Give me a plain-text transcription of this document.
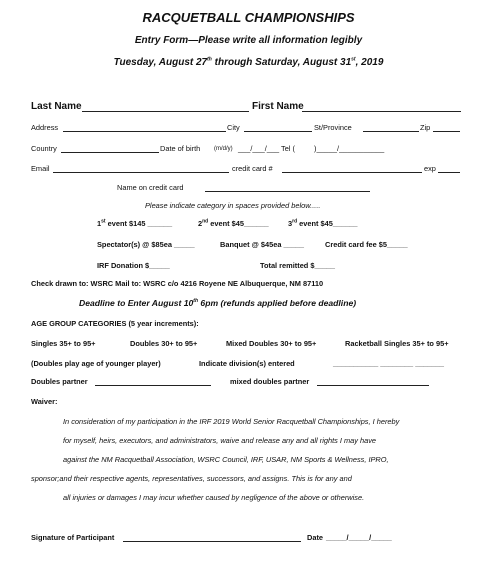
RACQUETBALL CHAMPIONSHIPS
Entry Form—Please write all information legibly
Tuesday, August 27th through Saturday, August 31st, 2019
Last Name	First Name
Address	City	St/Province	Zip
Country	Date of birth (m/d/y) ___/___/___ Tel (	)_____/___________
Email	credit card #	exp
Name on credit card
Please indicate category in spaces provided below.....
1st event $145 ______	2nd event $45______	3rd event $45______
Spectator(s) @ $85ea _____	Banquet @ $45ea _____	Credit card fee $5_____
IRF Donation $_____	Total remitted $_____
Check drawn to: WSRC Mail to: WSRC c/o 4216 Royene NE Albuquerque, NM 87110
Deadline to Enter August 10th 6pm (refunds applied before deadline)
AGE GROUP CATEGORIES (5 year increments):
Singles 35+ to 95+	Doubles 30+ to 95+	Mixed Doubles 30+ to 95+	Racketball Singles 35+ to 95+
(Doubles play age of younger player)	Indicate division(s) entered	___________ ________ _______
Doubles partner	mixed doubles partner
Waiver:
In consideration of my participation in the IRF 2019 World Senior Racquetball Championships, I hereby
for myself, heirs, executors, and administrators, waive and release any and all rights I may have
against the NM Racquetball Association, WSRC Council, IRF, USAR, NM Sports & Wellness, IPRO,
sponsor;and their respective agents, representatives, successors, and assigns. This is for any and
all injuries or damages I may incur whether caused by negligence of the above or otherwise.
Signature of Participant	Date _____/_____/_____
